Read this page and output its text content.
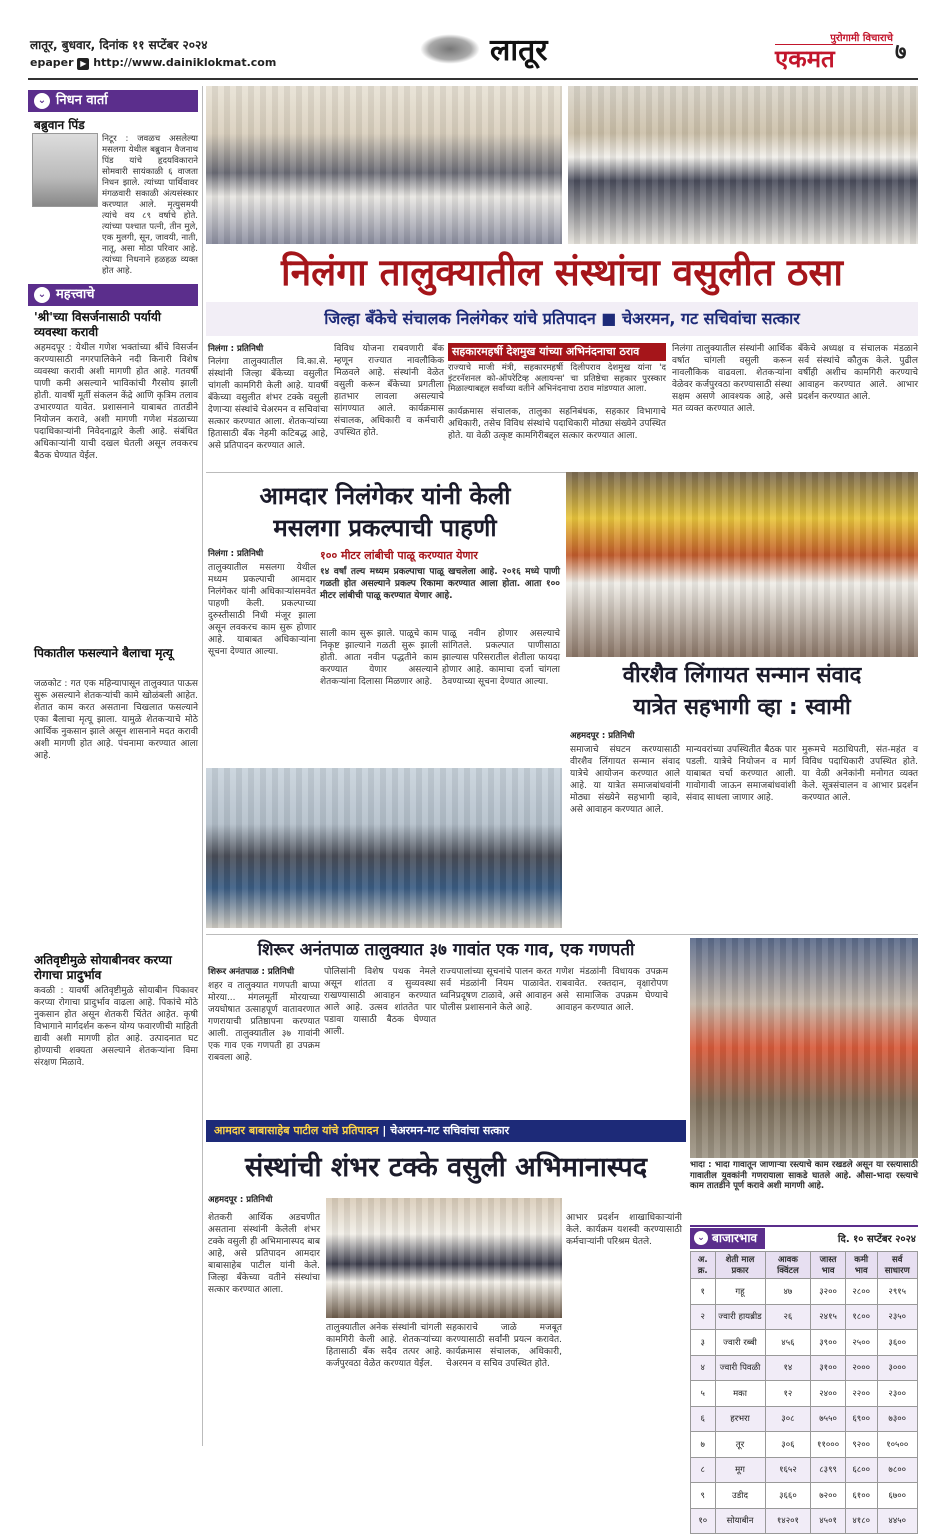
लातूर, बुधवार, दिनांक ११ सप्टेंबर २०२४
epaper ▶ http://www.dainiklokmat.com	लातूर	पुरोगामी विचाराचे
एकमत	७
⌄ निधन वार्ता
बब्रुवान पिंड
निटूर : जवळच असलेल्या मसलगा येथील बब्रुवान वैजनाथ पिंड यांचे हृदयविकाराने सोमवारी सायंकाळी ६ वाजता निधन झाले. त्यांच्या पार्थिवावर मंगळवारी सकाळी अंत्यसंस्कार करण्यात आले. मृत्युसमयी त्यांचे वय ८९ वर्षाचे होते. त्यांच्या पश्चात पत्नी, तीन मुले, एक मुलगी, सून, जावयी, नाती, नातू, असा मोठा परिवार आहे. त्यांच्या निधनाने हळहळ व्यक्त होत आहे.
⌄ महत्त्वाचे
'श्री'च्या विसर्जनासाठी पर्यायी व्यवस्था करावी
अहमदपूर : येथील गणेश भक्तांच्या श्रींचे विसर्जन करण्यासाठी नगरपालिकेने नदी किनारी विशेष व्यवस्था करावी अशी मागणी होत आहे. गतवर्षी पाणी कमी असल्याने भाविकांची गैरसोय झाली होती. यावर्षी मूर्ती संकलन केंद्रे आणि कृत्रिम तलाव उभारण्यात यावेत. प्रशासनाने याबाबत तातडीने नियोजन करावे, अशी मागणी गणेश मंडळाच्या पदाधिकाऱ्यांनी निवेदनाद्वारे केली आहे. संबंधित अधिकाऱ्यांनी याची दखल घेतली असून लवकरच बैठक घेण्यात येईल.
पिकातील फसल्याने बैलाचा मृत्यू
जळकोट : गत एक महिन्यापासून तालुक्यात पाऊस सुरू असल्याने शेतकऱ्यांची कामे खोळंबली आहेत. शेतात काम करत असताना चिखलात फसल्याने एका बैलाचा मृत्यू झाला. यामुळे शेतकऱ्याचे मोठे आर्थिक नुकसान झाले असून शासनाने मदत करावी अशी मागणी होत आहे. पंचनामा करण्यात आला आहे.
अतिवृष्टीमुळे सोयाबीनवर करप्या रोगाचा प्रादुर्भाव
कवळी : यावर्षी अतिवृष्टीमुळे सोयाबीन पिकावर करप्या रोगाचा प्रादुर्भाव वाढला आहे. पिकांचे मोठे नुकसान होत असून शेतकरी चिंतेत आहेत. कृषी विभागाने मार्गदर्शन करून योग्य फवारणीची माहिती द्यावी अशी मागणी होत आहे. उत्पादनात घट होण्याची शक्यता असल्याने शेतकऱ्यांना विमा संरक्षण मिळावे.
निलंगा तालुक्यातील संस्थांचा वसुलीत ठसा
जिल्हा बँकेचे संचालक निलंगेकर यांचे प्रतिपादन ■ चेअरमन, गट सचिवांचा सत्कार
निलंगा : प्रतिनिधी
निलंगा तालुक्यातील वि.का.से. संस्थांनी जिल्हा बँकेच्या वसुलीत चांगली कामगिरी केली आहे. यावर्षी बँकेच्या वसुलीत शंभर टक्के वसुली देणाऱ्या संस्थांचे चेअरमन व सचिवांचा सत्कार करण्यात आला. शेतकऱ्यांच्या हितासाठी बँक नेहमी कटिबद्ध आहे, असे प्रतिपादन करण्यात आले.
विविध योजना राबवणारी बँक म्हणून राज्यात नावलौकिक मिळवले आहे. संस्थांनी वेळेत वसुली करून बँकेच्या प्रगतीला हातभार लावला असल्याचे सांगण्यात आले. कार्यक्रमास संचालक, अधिकारी व कर्मचारी उपस्थित होते.
सहकारमहर्षी देशमुख यांच्या अभिनंदनाचा ठराव
राज्याचे माजी मंत्री, सहकारमहर्षी दिलीपराव देशमुख यांना 'द इंटरनॅशनल को-ऑपरेटिव्ह अलायन्स' चा प्रतिष्ठेचा सहकार पुरस्कार मिळाल्याबद्दल सर्वांच्या वतीने अभिनंदनाचा ठराव मांडण्यात आला.
कार्यक्रमास संचालक, तालुका सहनिबंधक, सहकार विभागाचे अधिकारी, तसेच विविध संस्थांचे पदाधिकारी मोठ्या संख्येने उपस्थित होते. या वेळी उत्कृष्ट कामगिरीबद्दल सत्कार करण्यात आला.
निलंगा तालुक्यातील संस्थांनी आर्थिक वर्षात चांगली वसुली करून नावलौकिक वाढवला. शेतकऱ्यांना वेळेवर कर्जपुरवठा करण्यासाठी संस्था सक्षम असणे आवश्यक आहे, असे मत व्यक्त करण्यात आले.
बँकेचे अध्यक्ष व संचालक मंडळाने सर्व संस्थांचे कौतुक केले. पुढील वर्षीही अशीच कामगिरी करण्याचे आवाहन करण्यात आले. आभार प्रदर्शन करण्यात आले.
आमदार निलंगेकर यांनी केली
मसलगा प्रकल्पाची पाहणी
निलंगा : प्रतिनिधी	१०० मीटर लांबीची पाळू करण्यात येणार
१४ वर्षां तल्य मध्यम प्रकल्पाचा पाळू खचलेला आहे. २०१६ मध्ये पाणी गळती होत असल्याने प्रकल्प रिकामा करण्यात आला होता. आता १०० मीटर लांबीची पाळू करण्यात येणार आहे.
तालुक्यातील मसलगा येथील मध्यम प्रकल्पाची आमदार निलंगेकर यांनी अधिकाऱ्यांसमवेत पाहणी केली. प्रकल्पाच्या दुरुस्तीसाठी निधी मंजूर झाला असून लवकरच काम सुरू होणार आहे. याबाबत अधिकाऱ्यांना सूचना देण्यात आल्या.
साली काम सुरू झाले. पाळूचे काम निकृष्ट झाल्याने गळती सुरू झाली होती. आता नवीन पद्धतीने काम करण्यात येणार असल्याने शेतकऱ्यांना दिलासा मिळणार आहे.
पाळू नवीन होणार असल्याचे सांगितले. प्रकल्पात पाणीसाठा झाल्यास परिसरातील शेतीला फायदा होणार आहे. कामाचा दर्जा चांगला ठेवण्याच्या सूचना देण्यात आल्या.	वीरशैव लिंगायत सन्मान संवाद
यात्रेत सहभागी व्हा : स्वामी
अहमदपूर : प्रतिनिधी
समाजाचे संघटन करण्यासाठी वीरशैव लिंगायत सन्मान संवाद यात्रेचे आयोजन करण्यात आले आहे. या यात्रेत समाजबांधवांनी मोठ्या संख्येने सहभागी व्हावे, असे आवाहन करण्यात आले.
मान्यवरांच्या उपस्थितीत बैठक पार पडली. यात्रेचे नियोजन व मार्ग याबाबत चर्चा करण्यात आली. गावोगावी जाऊन समाजबांधवांशी संवाद साधला जाणार आहे.
मुरूमचे मठाधिपती, संत-महंत व विविध पदाधिकारी उपस्थित होते. या वेळी अनेकांनी मनोगत व्यक्त केले. सूत्रसंचालन व आभार प्रदर्शन करण्यात आले.
शिरूर अनंतपाळ तालुक्यात ३७ गावांत एक गाव, एक गणपती
शिरूर अनंतपाळ : प्रतिनिधी
शहर व तालुक्यात गणपती बाप्पा मोरया... मंगलमूर्ती मोरयाच्या जयघोषात उत्साहपूर्ण वातावरणात गणरायाची प्रतिष्ठापना करण्यात आली. तालुक्यातील ३७ गावांनी एक गाव एक गणपती हा उपक्रम राबवला आहे.
पोलिसांनी विशेष पथक नेमले असून शांतता व सुव्यवस्था राखण्यासाठी आवाहन करण्यात आले आहे. उत्सव शांततेत पार पडावा यासाठी बैठक घेण्यात आली.
राज्यपालांच्या सूचनांचे पालन करत सर्व मंडळांनी नियम पाळावेत. ध्वनिप्रदूषण टाळावे, असे आवाहन पोलीस प्रशासनाने केले आहे.
गणेश मंडळांनी विधायक उपक्रम राबवावेत. रक्तदान, वृक्षारोपण असे सामाजिक उपक्रम घेण्याचे आवाहन करण्यात आले.
भादा : भादा गावातून जाणाऱ्या रस्त्याचे काम रखडले असून या रस्त्यासाठी गावातील युवकांनी गणरायाला साकडे घातले आहे. औसा-भादा रस्त्याचे काम तातडीने पूर्ण करावे अशी मागणी आहे.
आमदार बाबासाहेब पाटील यांचे प्रतिपादन | चेअरमन-गट सचिवांचा सत्कार
संस्थांची शंभर टक्के वसुली अभिमानास्पद
अहमदपूर : प्रतिनिधी
शेतकरी आर्थिक अडचणीत असताना संस्थांनी केलेली शंभर टक्के वसुली ही अभिमानास्पद बाब आहे, असे प्रतिपादन आमदार बाबासाहेब पाटील यांनी केले. जिल्हा बँकेच्या वतीने संस्थांचा सत्कार करण्यात आला.
तालुक्यातील अनेक संस्थांनी चांगली कामगिरी केली आहे. शेतकऱ्यांच्या हितासाठी बँक सदैव तत्पर आहे. कर्जपुरवठा वेळेत करण्यात येईल.
सहकाराचे जाळे मजबूत करण्यासाठी सर्वांनी प्रयत्न करावेत. कार्यक्रमास संचालक, अधिकारी, चेअरमन व सचिव उपस्थित होते.
आभार प्रदर्शन शाखाधिकाऱ्यांनी केले. कार्यक्रम यशस्वी करण्यासाठी कर्मचाऱ्यांनी परिश्रम घेतले.	⌄ बाजारभाव	दि. १० सप्टेंबर २०२४
अ. क्र.	शेती माल प्रकार	आवक क्विंटल	जास्त भाव	कमी भाव	सर्व साधारण
१	गहू	४७	३२००	२८००	२९१५
२	ज्वारी हायब्रीड	२६	२४१५	१८००	२३५०
३	ज्वारी रब्बी	४५६	३९००	२५००	३६००
४	ज्वारी पिवळी	१४	३१००	२०००	३०००
५	मका	१२	२४००	२२००	२३००
६	हरभरा	३०८	७५५०	६९००	७३००
७	तूर	३०६	११०००	९२००	१०५००
८	मूग	१६५२	८३९९	६८००	७८००
९	उडीद	३६६०	७२००	६१००	६७००
१०	सोयाबीन	१४२०१	४५०१	४१८०	४४५०
